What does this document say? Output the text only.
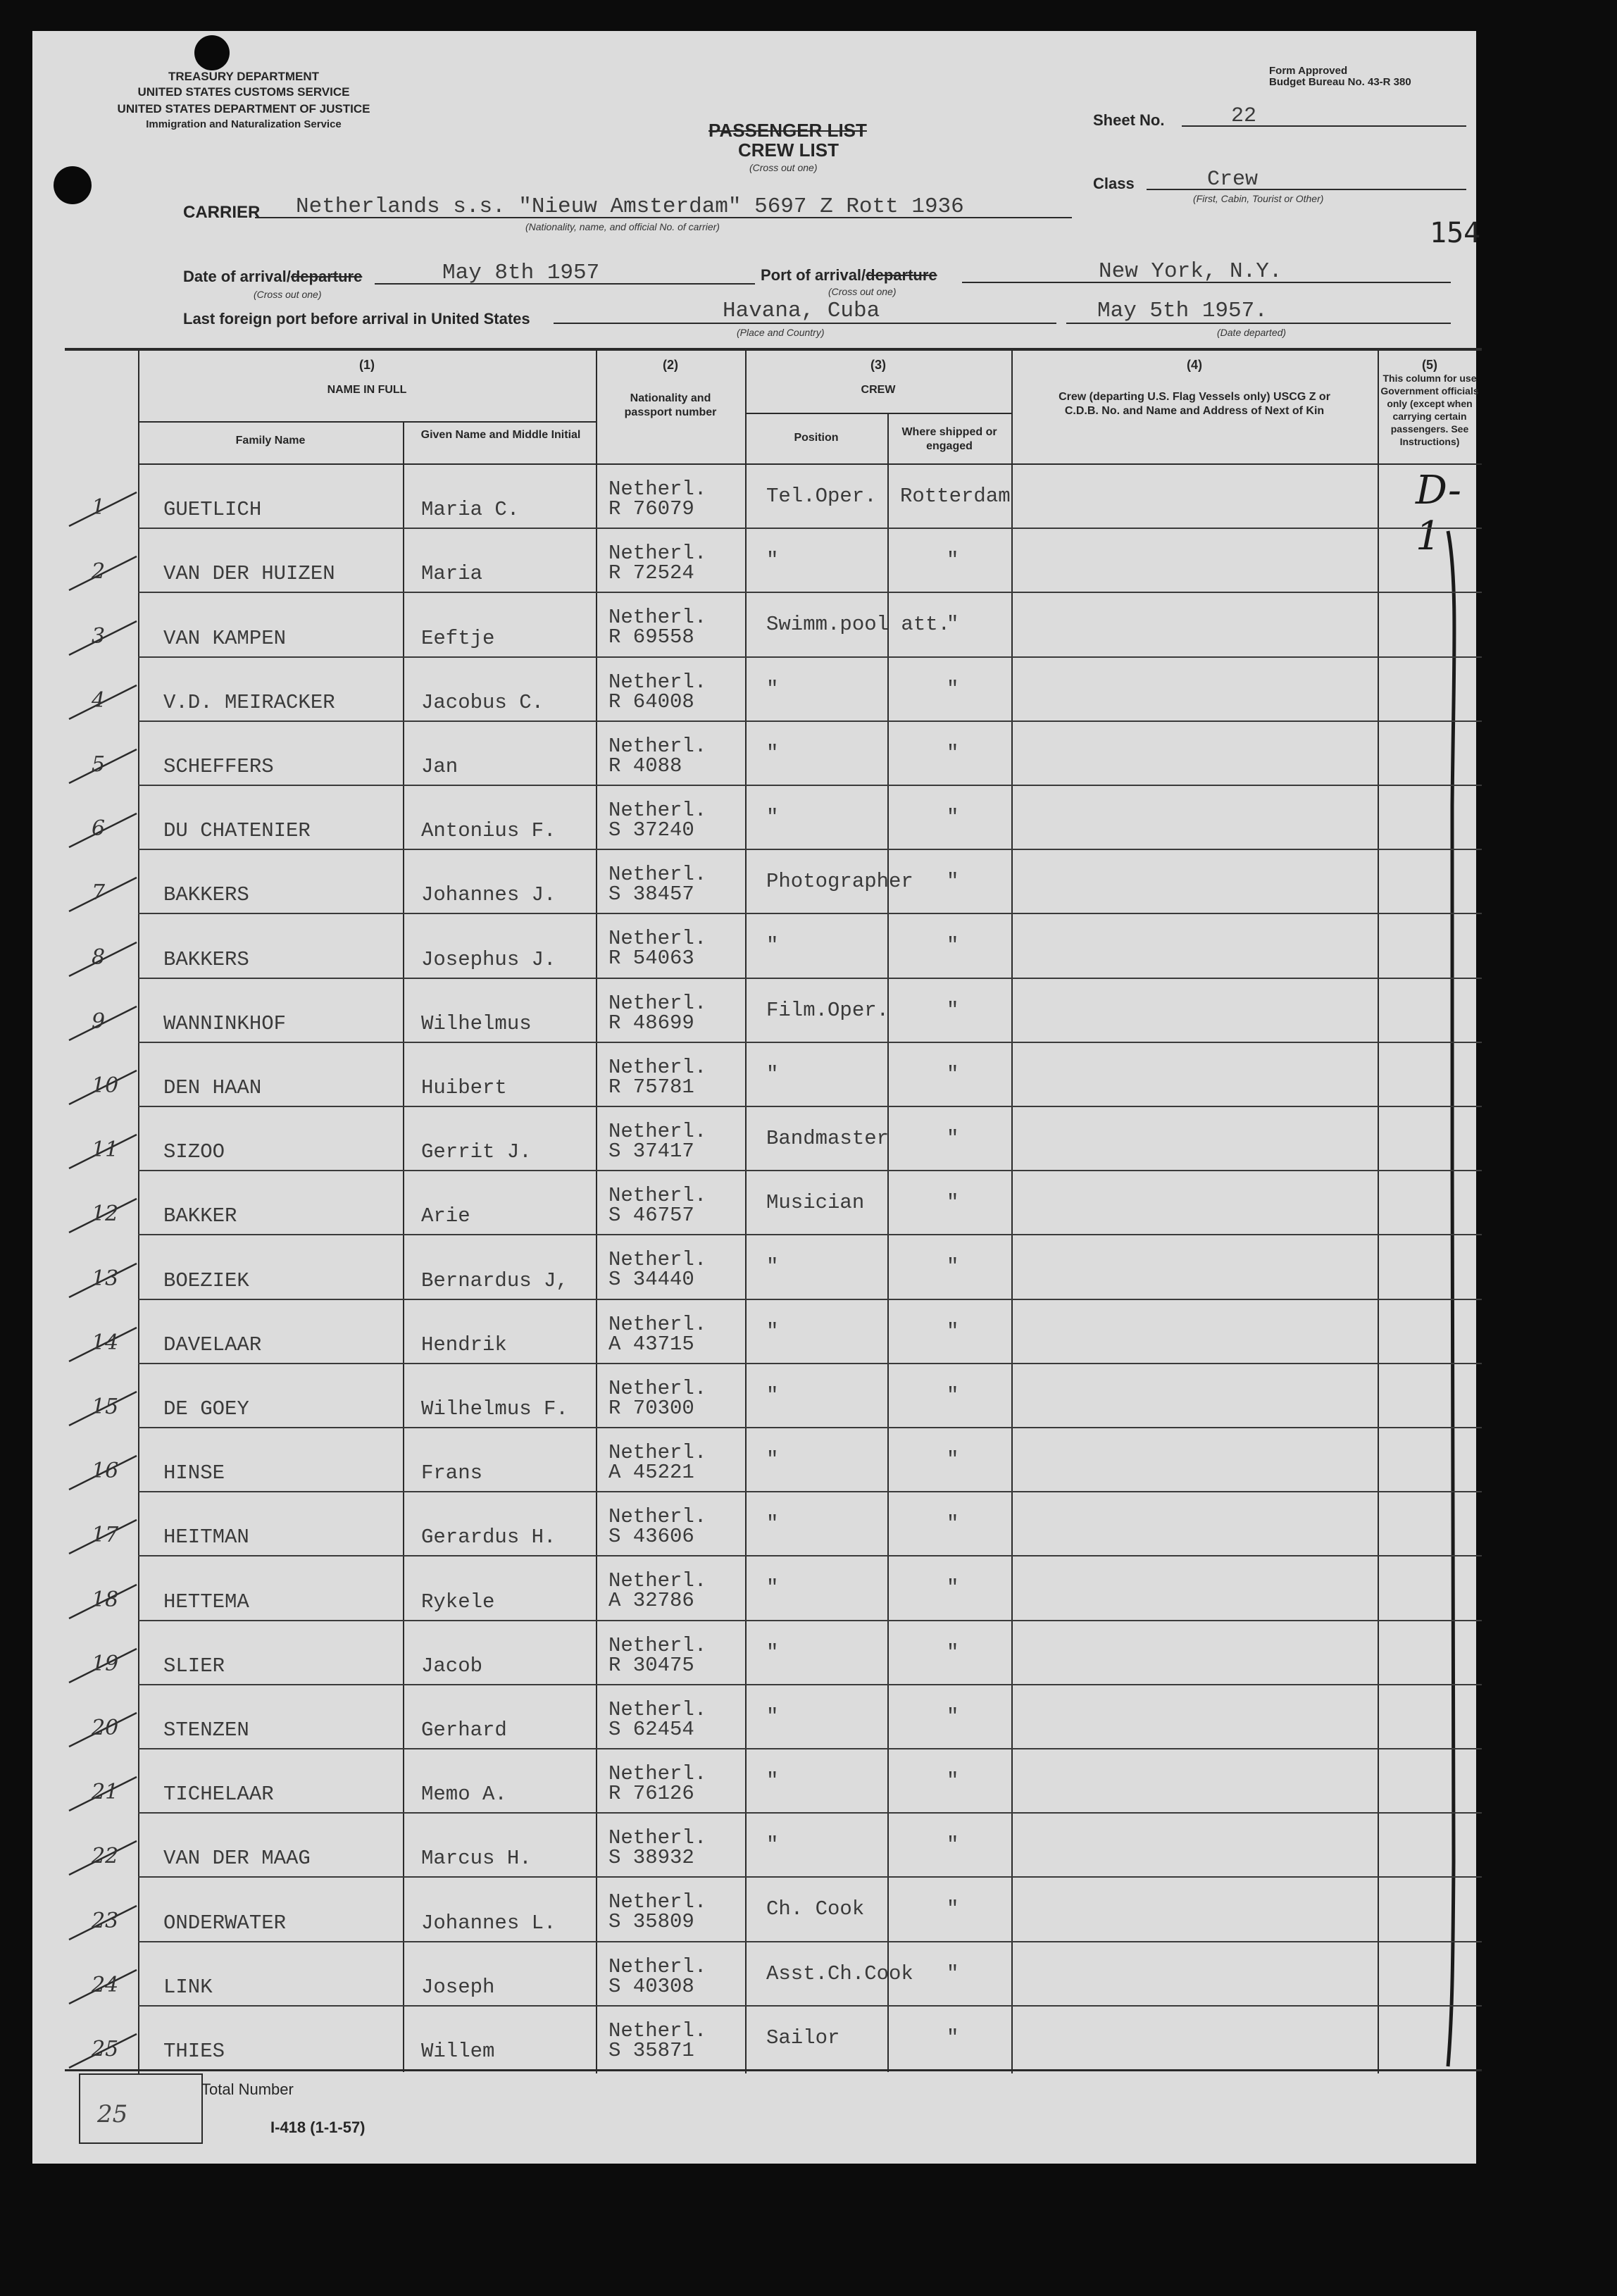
TREASURY DEPARTMENT
UNITED STATES CUSTOMS SERVICE
UNITED STATES DEPARTMENT OF JUSTICE
Immigration and Naturalization Service
Form Approved
Budget Bureau No. 43-R 380
PASSENGER LIST
CREW LIST
(Cross out one)
Sheet No.	22
Class	Crew
(First, Cabin, Tourist or Other)
154
CARRIER Netherlands s.s. "Nieuw Amsterdam" 5697 Z Rott 1936
(Nationality, name, and official No. of carrier)
Date of arrival/departure
(Cross out one)
May 8th 1957	Port of arrival/departure
(Cross out one)
New York, N.Y.
Last foreign port before arrival in United States	Havana, Cuba
(Place and Country)
May 5th 1957.
(Date departed)
(1)
NAME IN FULL
Family Name	Given Name and Middle Initial
(2)
Nationality and passport number
(3)
CREW
Position	Where shipped or engaged
(4)
Crew (departing U.S. Flag Vessels only) USCG Z or C.D.B. No. and Name and Address of Next of Kin
(5)
This column for use Government officials only (except when carrying certain passengers. See Instructions)
D-1
1	GUETLICH	Maria C.
Netherl.
R 76079
Tel.Oper. Rotterdam
2	VAN DER HUIZEN	Maria
Netherl.
R 72524
"	"
3	VAN KAMPEN	Eeftje
Netherl.
R 69558
Swimm.pool att.
"
4	V.D. MEIRACKER	Jacobus C.
Netherl.
R 64008
"	"
5	SCHEFFERS	Jan
Netherl.
R 4088
"	"
6	DU CHATENIER	Antonius F.
Netherl.
S 37240
"	"
7	BAKKERS	Johannes J.
Netherl.
S 38457
Photographer "
8	BAKKERS	Josephus J.
Netherl.
R 54063
"	"
9	WANNINKHOF	Wilhelmus
Netherl.
R 48699
Film.Oper.	"
10 DEN HAAN	Huibert
Netherl.
R 75781
"	"
11 SIZOO	Gerrit J.
Netherl.
S 37417
Bandmaster	"
12 BAKKER	Arie
Netherl.
S 46757
Musician	"
13 BOEZIEK	Bernardus J,
Netherl.
S 34440
"	"
14 DAVELAAR	Hendrik
Netherl.
A 43715
"	"
15 DE GOEY	Wilhelmus F.
Netherl.
R 70300
"	"
16 HINSE	Frans
Netherl.
A 45221
"	"
17 HEITMAN	Gerardus H.
Netherl.
S 43606
"	"
18 HETTEMA	Rykele
Netherl.
A 32786
"	"
19 SLIER	Jacob
Netherl.
R 30475
"	"
20 STENZEN	Gerhard
Netherl.
S 62454
"	"
21 TICHELAAR	Memo A.
Netherl.
R 76126
"	"
22 VAN DER MAAG	Marcus H.
Netherl.
S 38932
"	"
23 ONDERWATER	Johannes L.
Netherl.
S 35809
Ch. Cook	"
24 LINK	Joseph
Netherl.
S 40308
Asst.Ch.Cook "
25 THIES	Willem
Netherl.
S 35871
Sailor	"
25
Total Number
I-418 (1-1-57)
